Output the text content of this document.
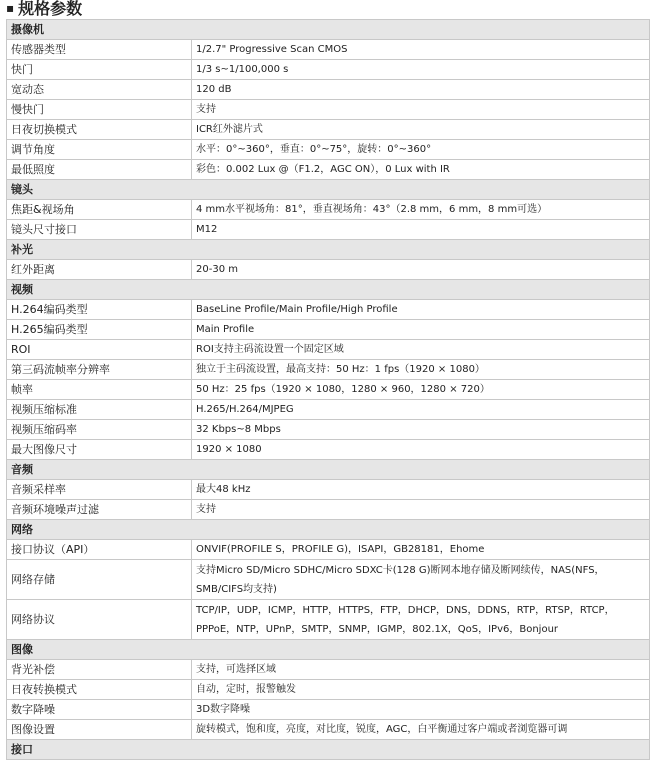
▪ 规格参数
摄像机	
传感器类型	1/2.7" Progressive Scan CMOS
快门	1/3 s~1/100,000 s
宽动态	120 dB
慢快门	支持
日夜切换模式	ICR红外滤片式
调节角度	水平：0°~360°，垂直：0°~75°，旋转：0°~360°
最低照度	彩色：0.002 Lux @（F1.2，AGC ON），0 Lux with IR
镜头	
焦距&视场角	4 mm水平视场角：81°，垂直视场角：43°（2.8 mm，6 mm，8 mm可选）
镜头尺寸接口	M12
补光	
红外距离	20-30 m
视频	
H.264编码类型	BaseLine Profile/Main Profile/High Profile
H.265编码类型	Main Profile
ROI	ROI支持主码流设置一个固定区域
第三码流帧率分辨率	独立于主码流设置，最高支持：50 Hz：1 fps（1920 × 1080）
帧率	50 Hz：25 fps（1920 × 1080，1280 × 960，1280 × 720）
视频压缩标准	H.265/H.264/MJPEG
视频压缩码率	32 Kbps~8 Mbps
最大图像尺寸	1920 × 1080
音频	
音频采样率	最大48 kHz
音频环境噪声过滤	支持
网络	
接口协议（API）	ONVIF(PROFILE S，PROFILE G)，ISAPI，GB28181，Ehome
网络存储	支持Micro SD/Micro SDHC/Micro SDXC卡(128 G)断网本地存储及断网续传，NAS(NFS，SMB/CIFS均支持)
网络协议	TCP/IP，UDP，ICMP，HTTP，HTTPS，FTP，DHCP，DNS，DDNS，RTP，RTSP，RTCP，PPPoE，NTP，UPnP，SMTP，SNMP，IGMP，802.1X，QoS，IPv6，Bonjour
图像	
背光补偿	支持，可选择区域
日夜转换模式	自动，定时，报警触发
数字降噪	3D数字降噪
图像设置	旋转模式，饱和度，亮度，对比度，锐度，AGC，白平衡通过客户端或者浏览器可调
接口	
